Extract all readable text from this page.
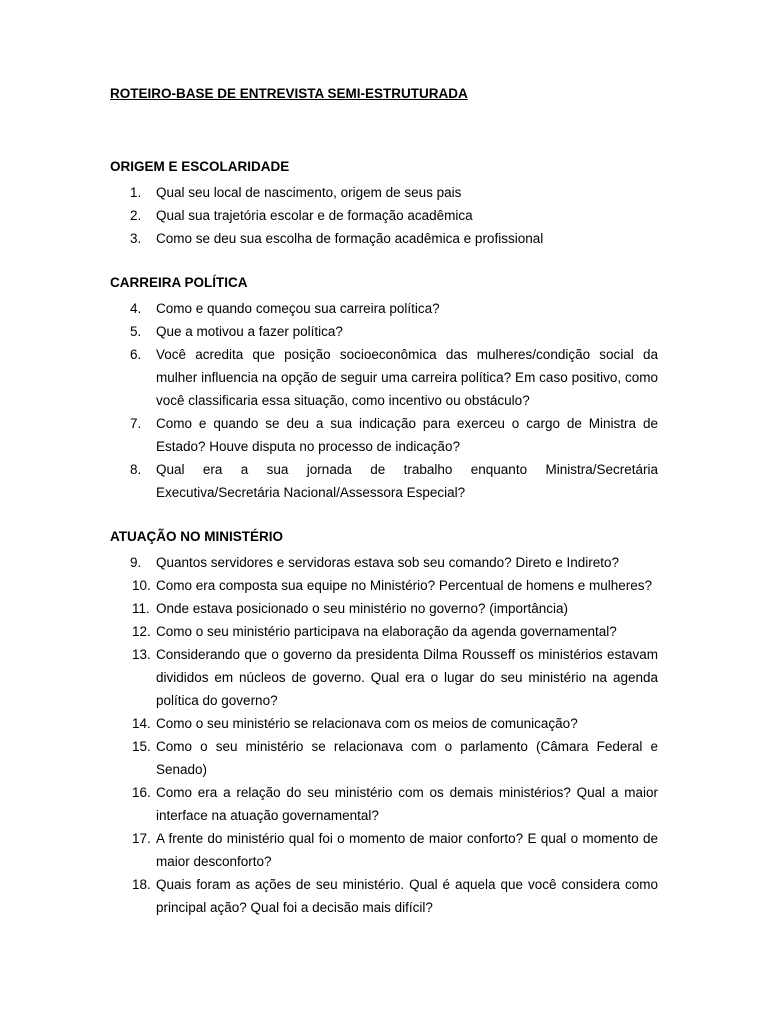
ROTEIRO-BASE DE ENTREVISTA SEMI-ESTRUTURADA

ORIGEM E ESCOLARIDADE

1.	Qual seu local de nascimento, origem de seus pais
2.	Qual sua trajetória escolar e de formação acadêmica
3.	Como se deu sua escolha de formação acadêmica e profissional

CARREIRA POLÍTICA

4.	Como e quando começou sua carreira política?
5.	Que a motivou a fazer política?
6.	Você acredita que posição socioeconômica das mulheres/condição social da mulher influencia na opção de seguir uma carreira política? Em caso positivo, como você classificaria essa situação, como incentivo ou obstáculo?
7.	Como e quando se deu a sua indicação para exerceu o cargo de Ministra de Estado? Houve disputa no processo de indicação?
8.	Qual era a sua jornada de trabalho enquanto Ministra/Secretária Executiva/Secretária Nacional/Assessora Especial?

ATUAÇÃO NO MINISTÉRIO

9.	Quantos servidores e servidoras estava sob seu comando? Direto e Indireto?
10. Como era composta sua equipe no Ministério? Percentual de homens e mulheres?
11. Onde estava posicionado o seu ministério no governo? (importância)
12. Como o seu ministério participava na elaboração da agenda governamental?
13. Considerando que o governo da presidenta Dilma Rousseff os ministérios estavam divididos em núcleos de governo. Qual era o lugar do seu ministério na agenda política do governo?
14. Como o seu ministério se relacionava com os meios de comunicação?
15. Como o seu ministério se relacionava com o parlamento (Câmara Federal e Senado)
16. Como era a relação do seu ministério com os demais ministérios? Qual a maior interface na atuação governamental?
17. A frente do ministério qual foi o momento de maior conforto? E qual o momento de maior desconforto?
18. Quais foram as ações de seu ministério. Qual é aquela que você considera como principal ação? Qual foi a decisão mais difícil?
